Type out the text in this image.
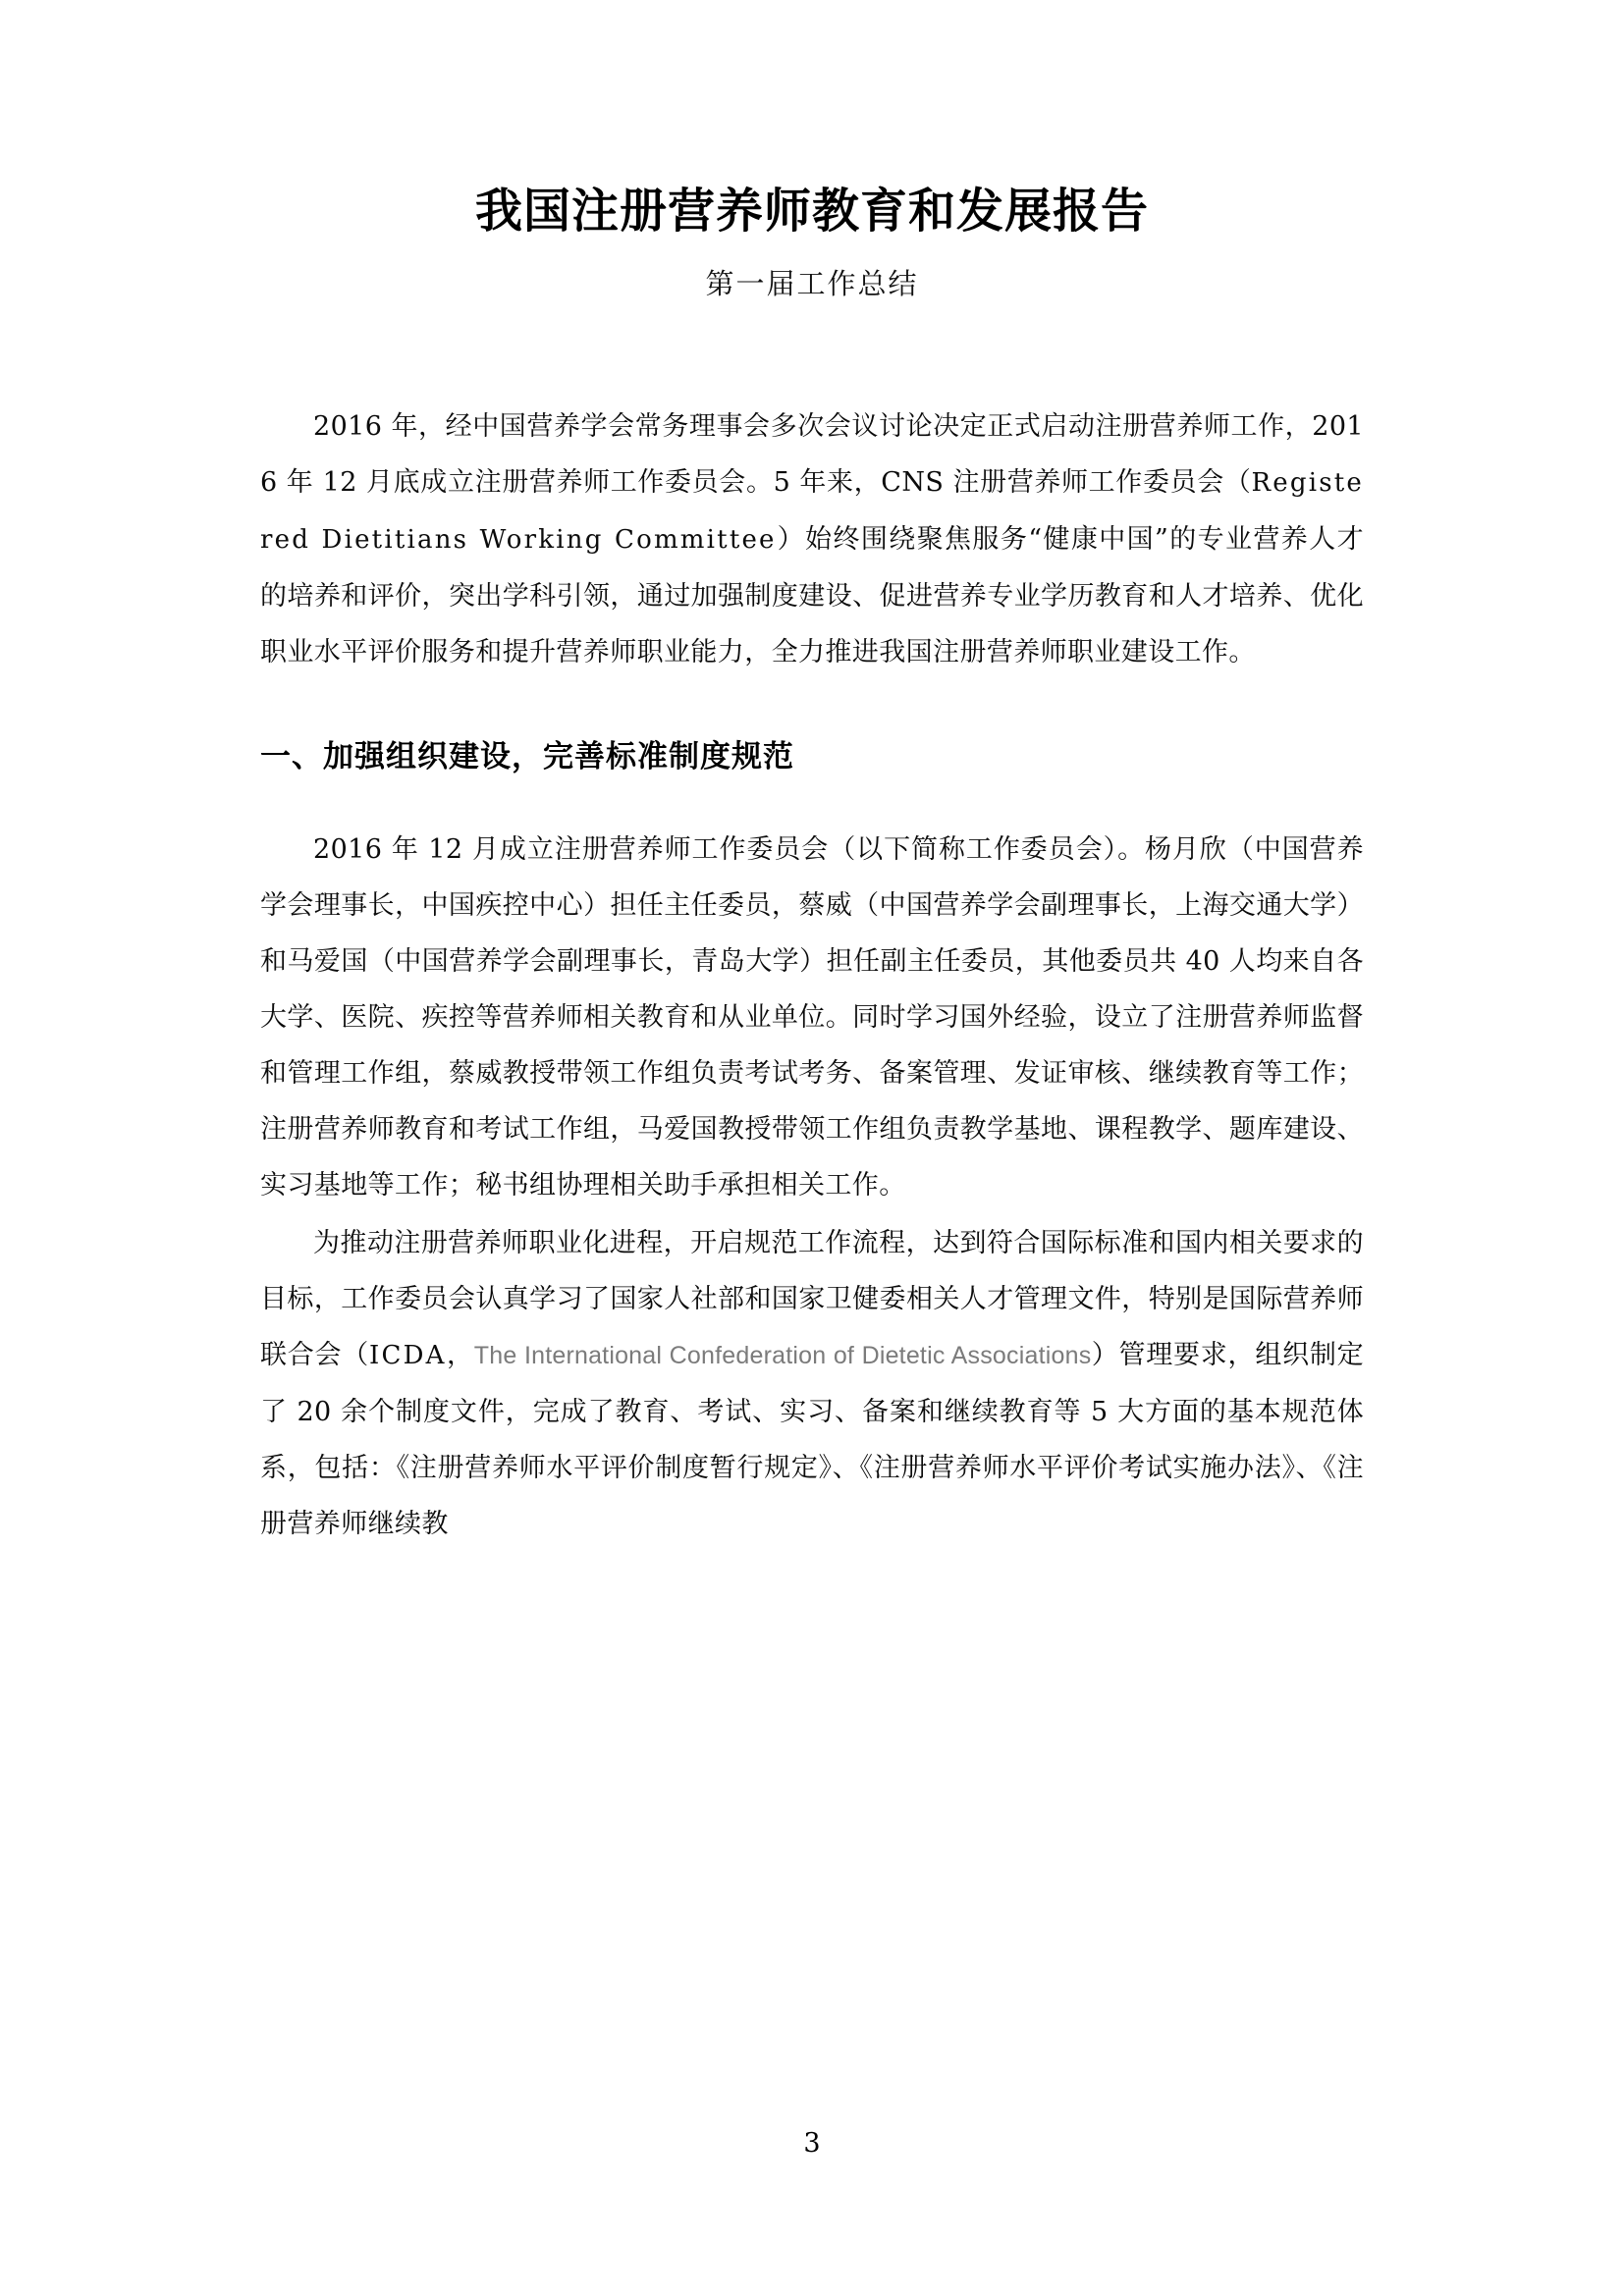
我国注册营养师教育和发展报告
第一届工作总结

2016 年，经中国营养学会常务理事会多次会议讨论决定正式启动注册营养师工作，2016 年 12 月底成立注册营养师工作委员会。5 年来，CNS 注册营养师工作委员会（Registered Dietitians Working Committee）始终围绕聚焦服务“健康中国”的专业营养人才的培养和评价，突出学科引领，通过加强制度建设、促进营养专业学历教育和人才培养、优化职业水平评价服务和提升营养师职业能力，全力推进我国注册营养师职业建设工作。

一、加强组织建设，完善标准制度规范

2016 年 12 月成立注册营养师工作委员会（以下简称工作委员会）。杨月欣（中国营养学会理事长，中国疾控中心）担任主任委员，蔡威（中国营养学会副理事长，上海交通大学）和马爱国（中国营养学会副理事长，青岛大学）担任副主任委员，其他委员共 40 人均来自各大学、医院、疾控等营养师相关教育和从业单位。同时学习国外经验，设立了注册营养师监督和管理工作组，蔡威教授带领工作组负责考试考务、备案管理、发证审核、继续教育等工作；注册营养师教育和考试工作组，马爱国教授带领工作组负责教学基地、课程教学、题库建设、实习基地等工作；秘书组协理相关助手承担相关工作。

为推动注册营养师职业化进程，开启规范工作流程，达到符合国际标准和国内相关要求的目标，工作委员会认真学习了国家人社部和国家卫健委相关人才管理文件，特别是国际营养师联合会（ICDA，The International Confederation of Dietetic Associations）管理要求，组织制定了 20 余个制度文件，完成了教育、考试、实习、备案和继续教育等 5 大方面的基本规范体系，包括：《注册营养师水平评价制度暂行规定》、《注册营养师水平评价考试实施办法》、《注册营养师继续教

3
